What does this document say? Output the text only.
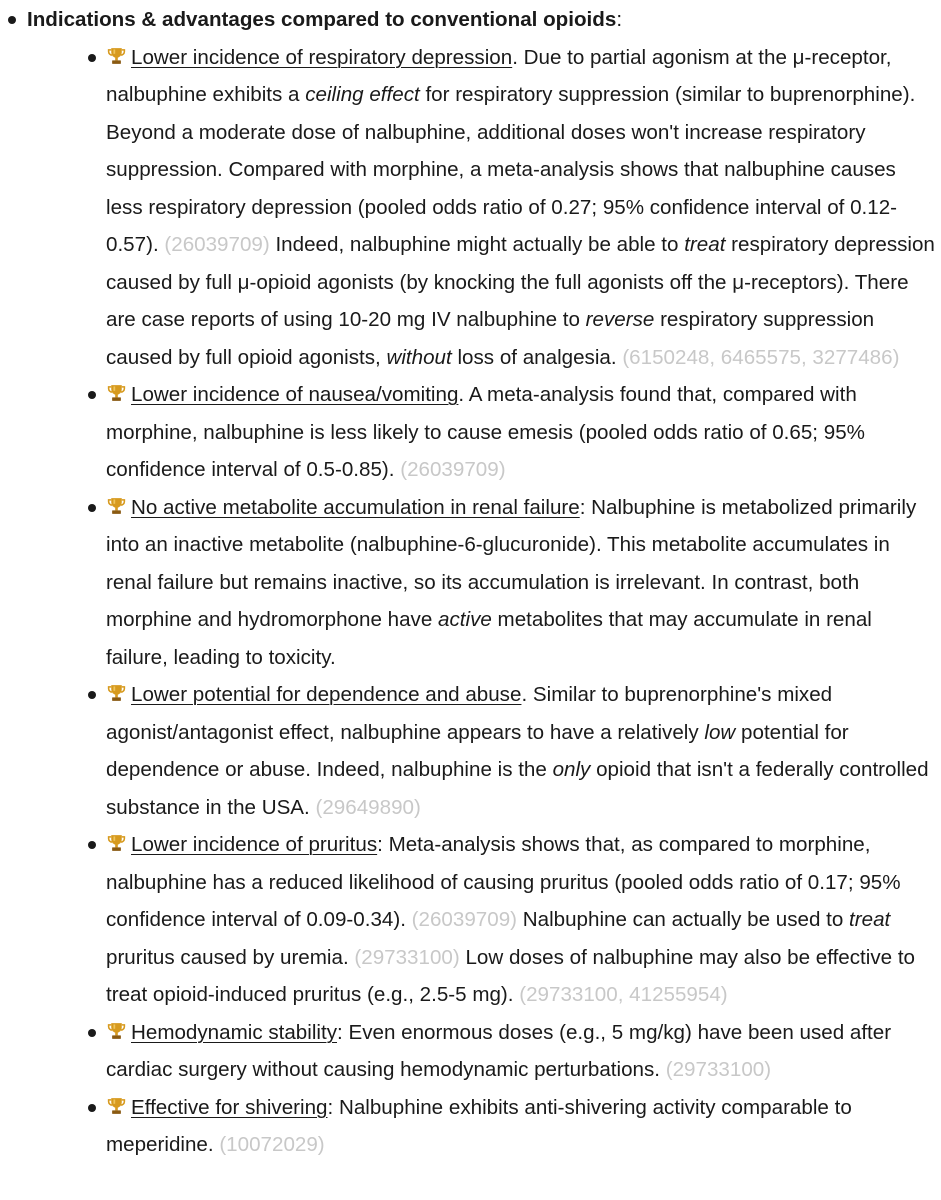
Indications & advantages compared to conventional opioids:
Lower incidence of respiratory depression. Due to partial agonism at the μ-receptor, nalbuphine exhibits a ceiling effect for respiratory suppression (similar to buprenorphine). Beyond a moderate dose of nalbuphine, additional doses won't increase respiratory suppression. Compared with morphine, a meta-analysis shows that nalbuphine causes less respiratory depression (pooled odds ratio of 0.27; 95% confidence interval of 0.12-0.57). (26039709) Indeed, nalbuphine might actually be able to treat respiratory depression caused by full μ-opioid agonists (by knocking the full agonists off the μ-receptors). There are case reports of using 10-20 mg IV nalbuphine to reverse respiratory suppression caused by full opioid agonists, without loss of analgesia. (6150248, 6465575, 3277486)
Lower incidence of nausea/vomiting. A meta-analysis found that, compared with morphine, nalbuphine is less likely to cause emesis (pooled odds ratio of 0.65; 95% confidence interval of 0.5-0.85). (26039709)
No active metabolite accumulation in renal failure: Nalbuphine is metabolized primarily into an inactive metabolite (nalbuphine-6-glucuronide). This metabolite accumulates in renal failure but remains inactive, so its accumulation is irrelevant. In contrast, both morphine and hydromorphone have active metabolites that may accumulate in renal failure, leading to toxicity.
Lower potential for dependence and abuse. Similar to buprenorphine's mixed agonist/antagonist effect, nalbuphine appears to have a relatively low potential for dependence or abuse. Indeed, nalbuphine is the only opioid that isn't a federally controlled substance in the USA. (29649890)
Lower incidence of pruritus: Meta-analysis shows that, as compared to morphine, nalbuphine has a reduced likelihood of causing pruritus (pooled odds ratio of 0.17; 95% confidence interval of 0.09-0.34). (26039709) Nalbuphine can actually be used to treat pruritus caused by uremia. (29733100) Low doses of nalbuphine may also be effective to treat opioid-induced pruritus (e.g., 2.5-5 mg). (29733100, 41255954)
Hemodynamic stability: Even enormous doses (e.g., 5 mg/kg) have been used after cardiac surgery without causing hemodynamic perturbations. (29733100)
Effective for shivering: Nalbuphine exhibits anti-shivering activity comparable to meperidine. (10072029)
